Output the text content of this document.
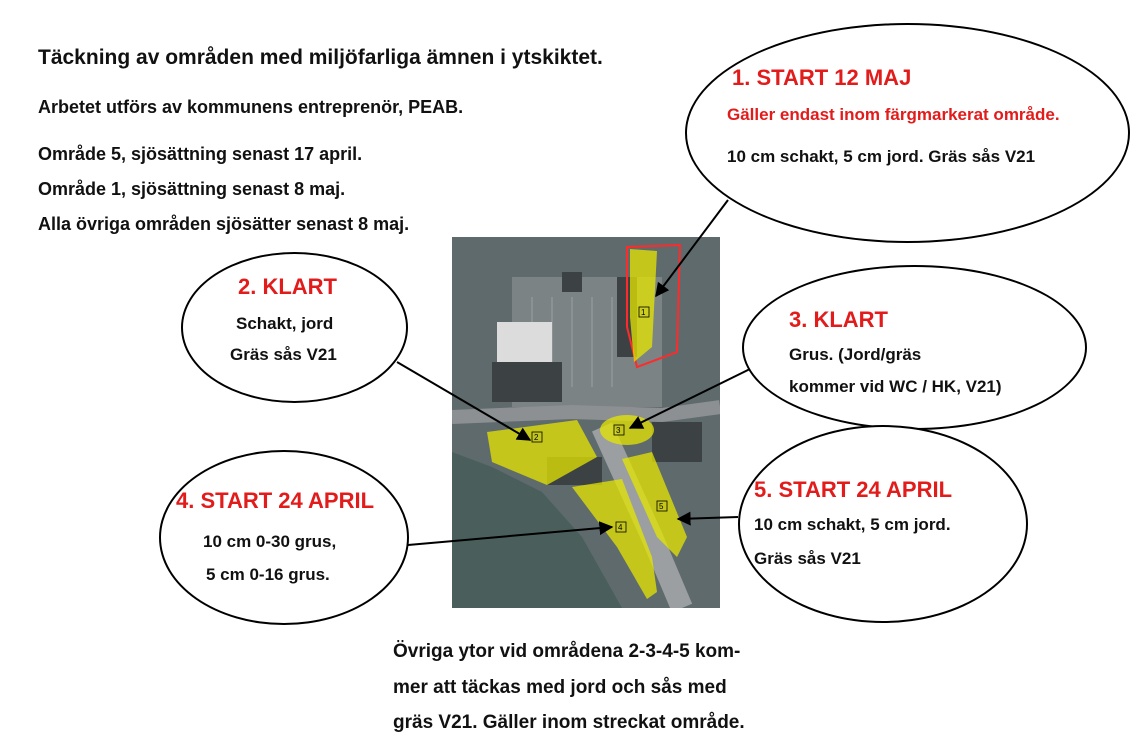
Täckning av områden med miljöfarliga ämnen i ytskiktet.
Arbetet utförs av kommunens entreprenör, PEAB.
Område 5, sjösättning senast 17 april.
Område 1, sjösättning senast 8 maj.
Alla övriga områden sjösätter senast 8 maj.
1
2
3
4
5
1. START 12 MAJ
Gäller endast inom färgmarkerat område.
10 cm schakt, 5 cm jord. Gräs sås V21
2. KLART
Schakt, jord
Gräs sås V21
3. KLART
Grus. (Jord/gräs
kommer vid WC / HK, V21)
4. START 24 APRIL
10 cm 0-30 grus,
5 cm 0-16 grus.
5. START 24 APRIL
10 cm schakt, 5 cm jord.
Gräs sås V21
Övriga ytor vid områdena 2-3-4-5 kom-
mer att täckas med jord och sås med
gräs V21. Gäller inom streckat område.
